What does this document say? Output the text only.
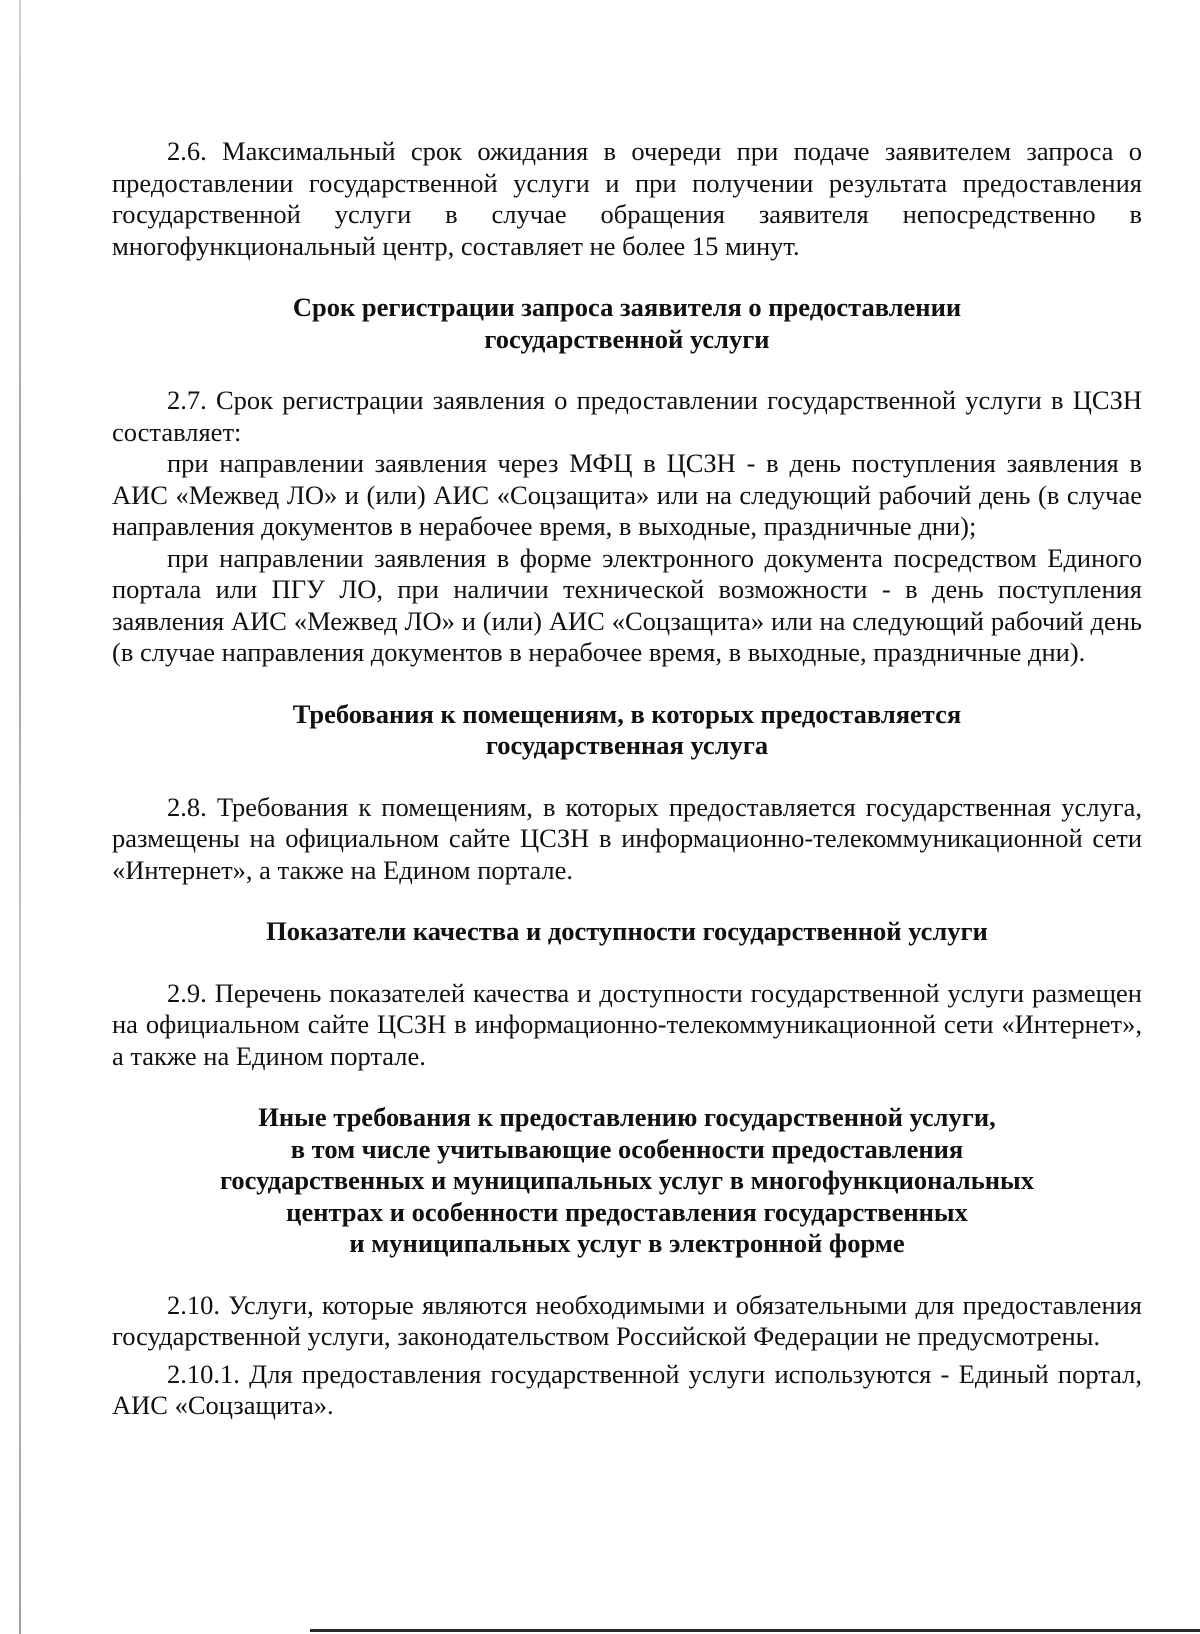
2.6. Максимальный срок ожидания в очереди при подаче заявителем запроса о предоставлении государственной услуги и при получении результата предоставления государственной услуги в случае обращения заявителя непосредственно в многофункциональный центр, составляет не более 15 минут.

Срок регистрации запроса заявителя о предоставлении
государственной услуги

2.7. Срок регистрации заявления о предоставлении государственной услуги в ЦСЗН составляет:

при направлении заявления через МФЦ в ЦСЗН - в день поступления заявления в АИС «Межвед ЛО» и (или) АИС «Соцзащита» или на следующий рабочий день (в случае направления документов в нерабочее время, в выходные, праздничные дни);

при направлении заявления в форме электронного документа посредством Единого портала или ПГУ ЛО, при наличии технической возможности - в день поступления заявления АИС «Межвед ЛО» и (или) АИС «Соцзащита» или на следующий рабочий день (в случае направления документов в нерабочее время, в выходные, праздничные дни).

Требования к помещениям, в которых предоставляется
государственная услуга

2.8. Требования к помещениям, в которых предоставляется государственная услуга, размещены на официальном сайте ЦСЗН в информационно-телекоммуникационной сети «Интернет», а также на Едином портале.

Показатели качества и доступности государственной услуги

2.9. Перечень показателей качества и доступности государственной услуги размещен на официальном сайте ЦСЗН в информационно-телекоммуникационной сети «Интернет», а также на Едином портале.

Иные требования к предоставлению государственной услуги,
в том числе учитывающие особенности предоставления
государственных и муниципальных услуг в многофункциональных
центрах и особенности предоставления государственных
и муниципальных услуг в электронной форме

2.10. Услуги, которые являются необходимыми и обязательными для предоставления государственной услуги, законодательством Российской Федерации не предусмотрены.

2.10.1. Для предоставления государственной услуги используются - Единый портал, АИС «Соцзащита».
